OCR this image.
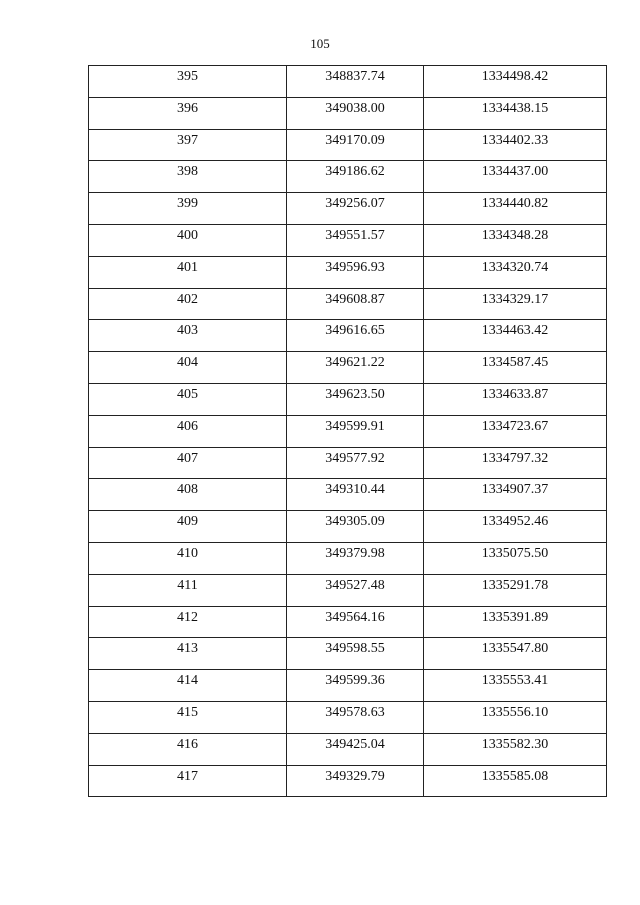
105
395	348837.74	1334498.42
396	349038.00	1334438.15
397	349170.09	1334402.33
398	349186.62	1334437.00
399	349256.07	1334440.82
400	349551.57	1334348.28
401	349596.93	1334320.74
402	349608.87	1334329.17
403	349616.65	1334463.42
404	349621.22	1334587.45
405	349623.50	1334633.87
406	349599.91	1334723.67
407	349577.92	1334797.32
408	349310.44	1334907.37
409	349305.09	1334952.46
410	349379.98	1335075.50
411	349527.48	1335291.78
412	349564.16	1335391.89
413	349598.55	1335547.80
414	349599.36	1335553.41
415	349578.63	1335556.10
416	349425.04	1335582.30
417	349329.79	1335585.08
